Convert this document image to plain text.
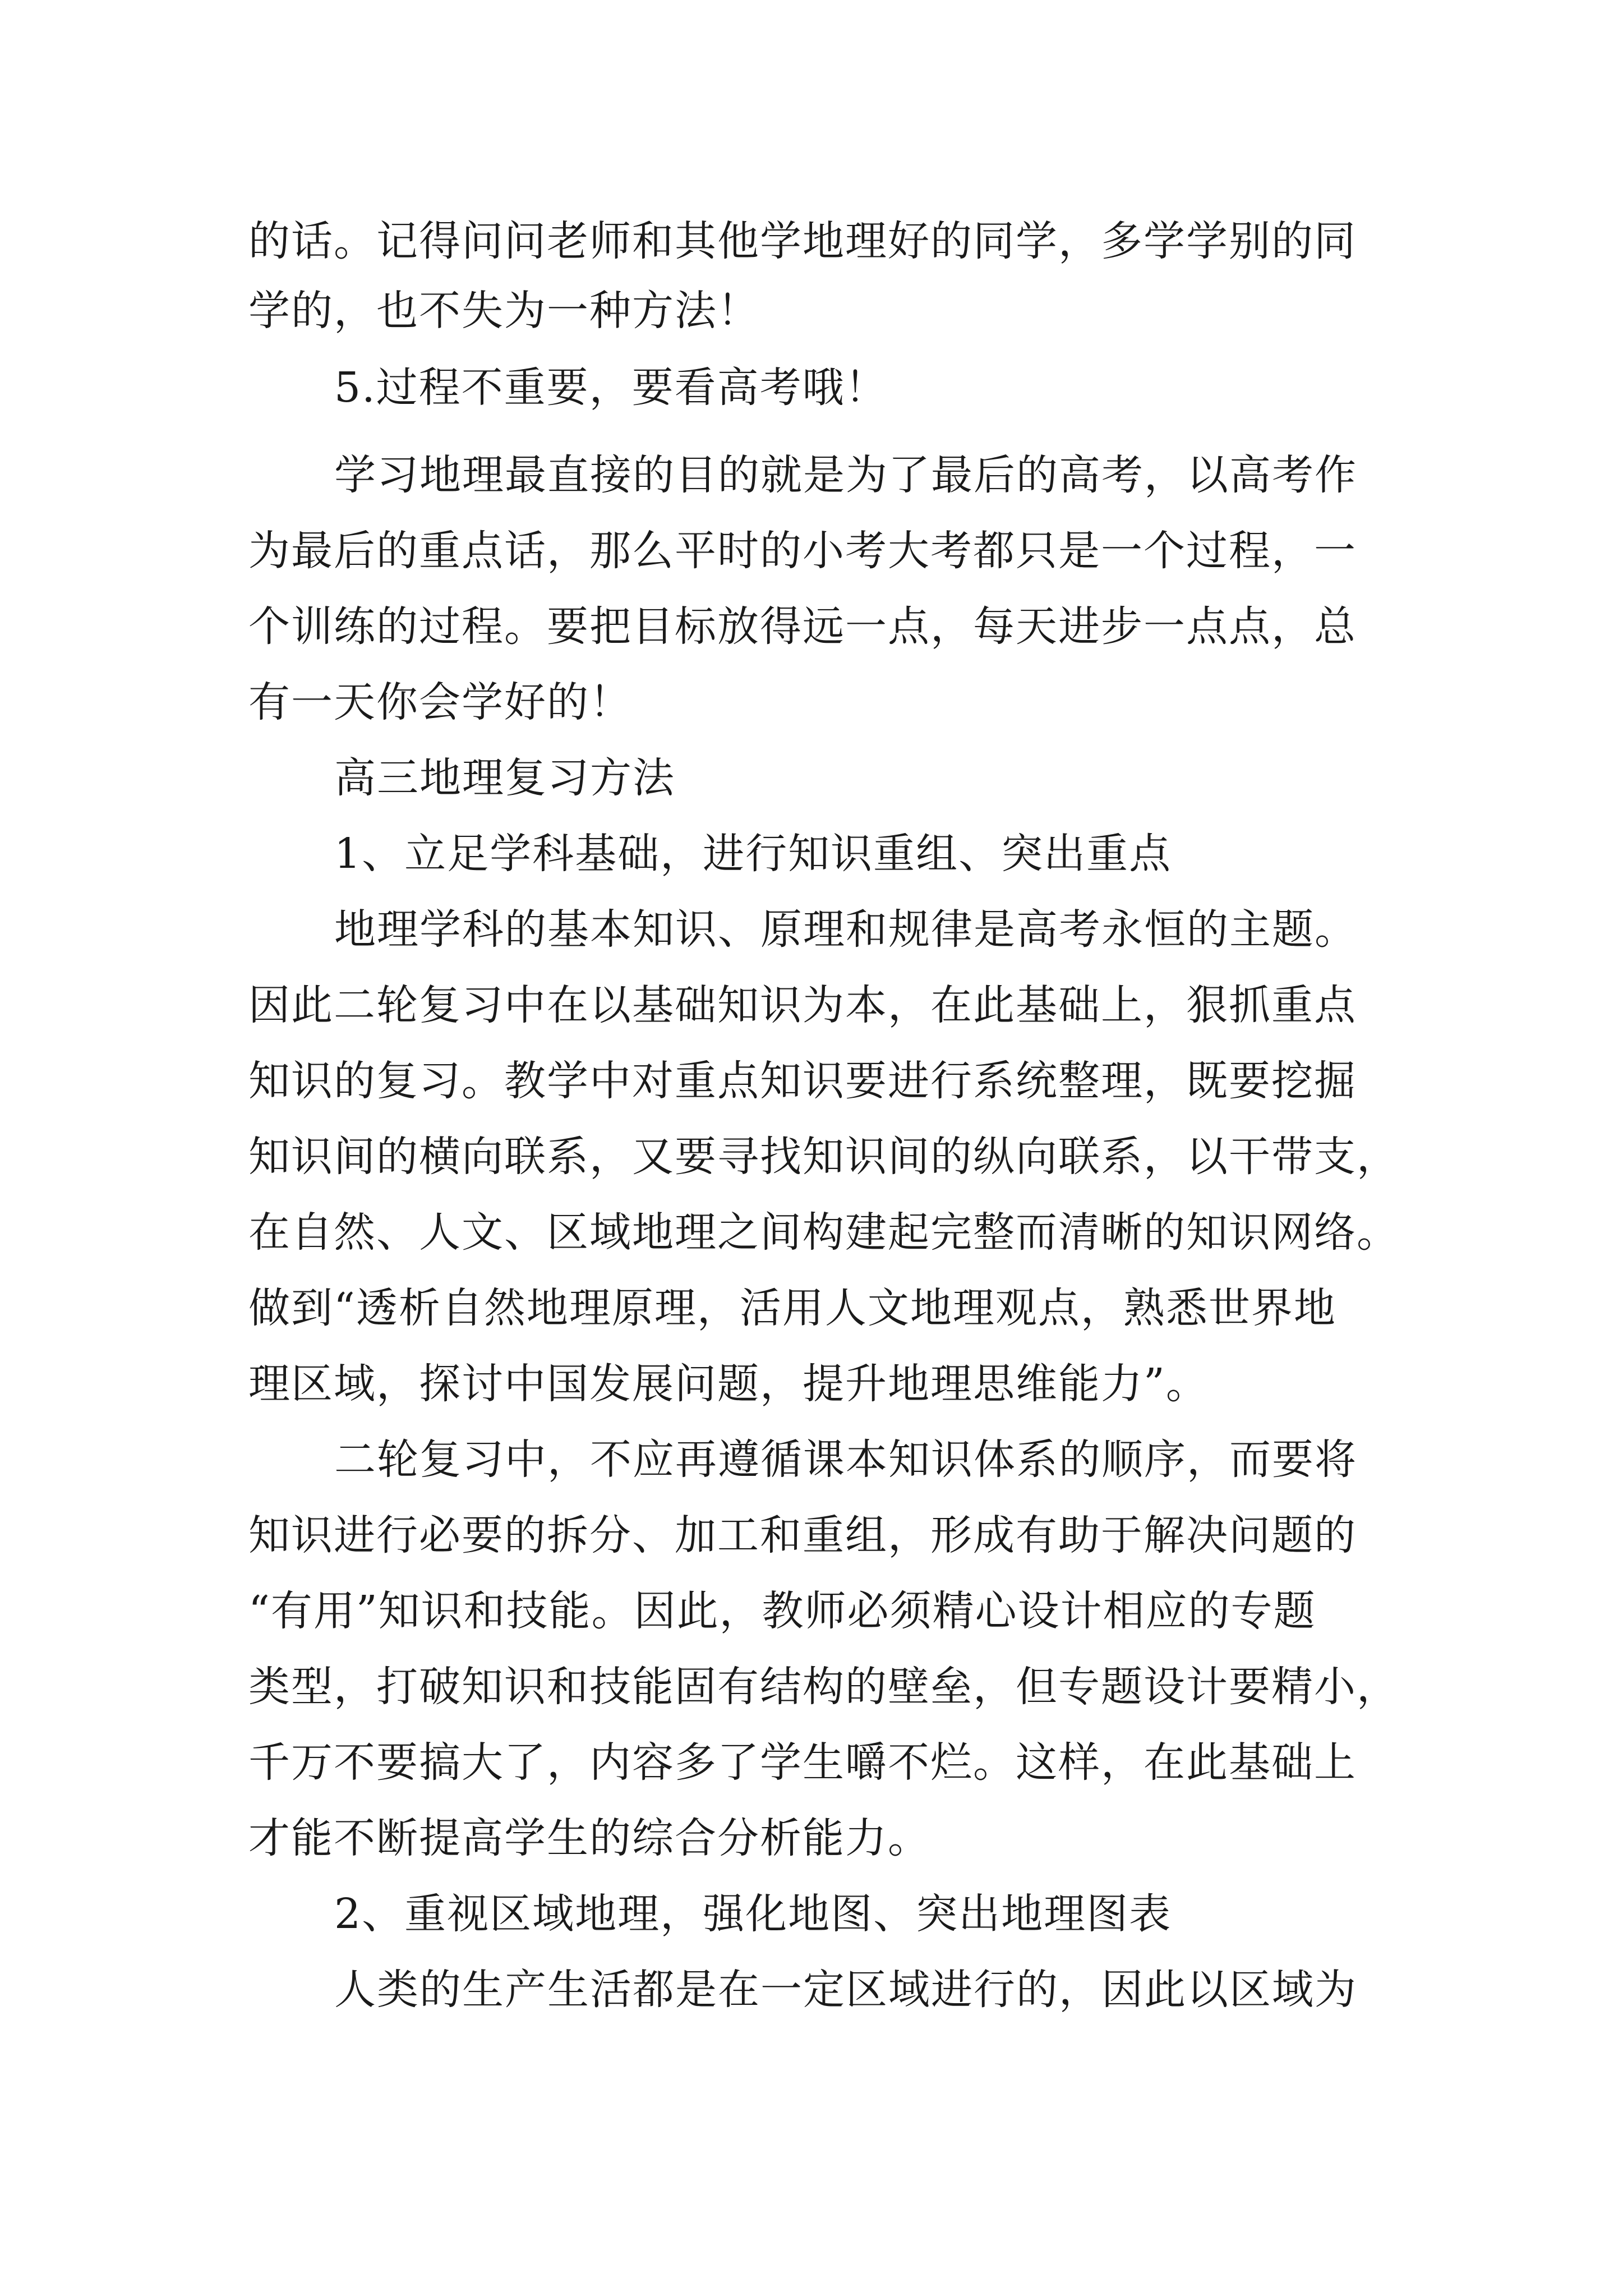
的话。记得问问老师和其他学地理好的同学，多学学别的同
学的，也不失为一种方法！
5.过程不重要，要看高考哦！
学习地理最直接的目的就是为了最后的高考，以高考作
为最后的重点话，那么平时的小考大考都只是一个过程，一
个训练的过程。要把目标放得远一点，每天进步一点点，总
有一天你会学好的！
高三地理复习方法
1、立足学科基础，进行知识重组、突出重点
地理学科的基本知识、原理和规律是高考永恒的主题。
因此二轮复习中在以基础知识为本，在此基础上，狠抓重点
知识的复习。教学中对重点知识要进行系统整理，既要挖掘
知识间的横向联系，又要寻找知识间的纵向联系，以干带支，
在自然、人文、区域地理之间构建起完整而清晰的知识网络。
做到“透析自然地理原理，活用人文地理观点，熟悉世界地
理区域，探讨中国发展问题，提升地理思维能力”。
二轮复习中，不应再遵循课本知识体系的顺序，而要将
知识进行必要的拆分、加工和重组，形成有助于解决问题的
“有用”知识和技能。因此，教师必须精心设计相应的专题
类型，打破知识和技能固有结构的壁垒，但专题设计要精小，
千万不要搞大了，内容多了学生嚼不烂。这样，在此基础上
才能不断提高学生的综合分析能力。
2、重视区域地理，强化地图、突出地理图表
人类的生产生活都是在一定区域进行的，因此以区域为
